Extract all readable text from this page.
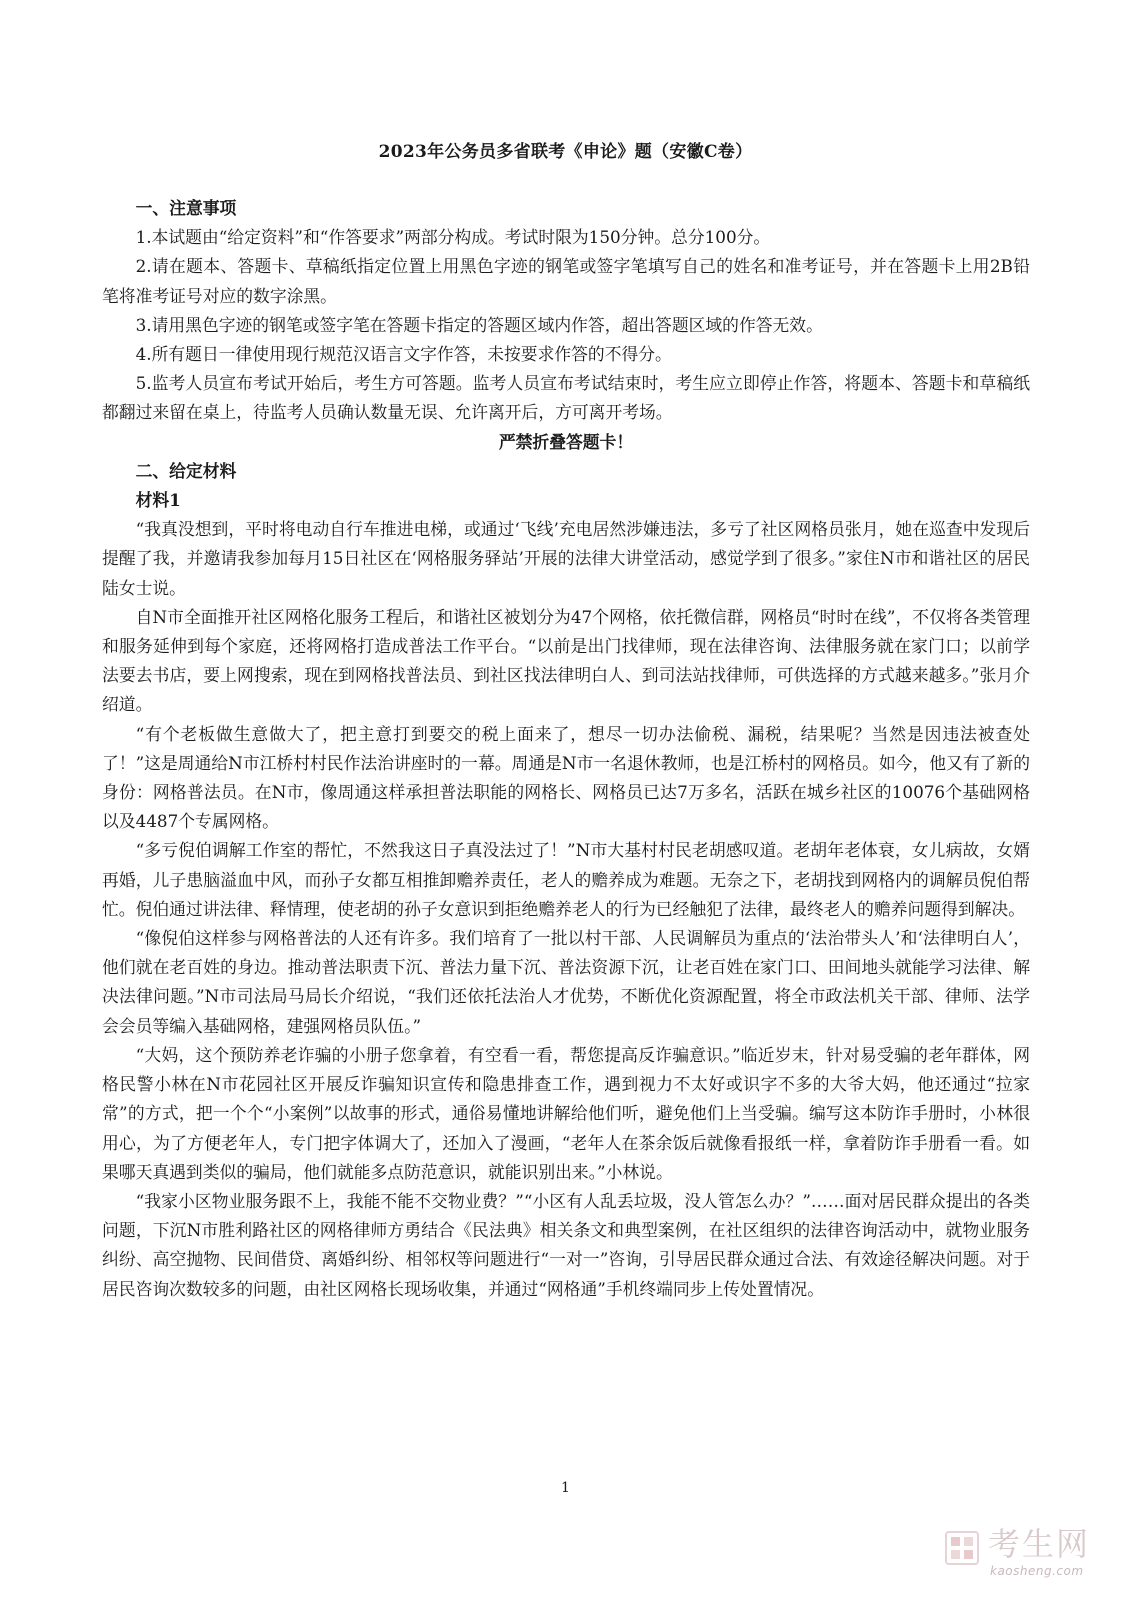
2023年公务员多省联考《申论》题（安徽C卷）

一、注意事项

1.本试题由“给定资料”和“作答要求”两部分构成。考试时限为150分钟。总分100分。

2.请在题本、答题卡、草稿纸指定位置上用黑色字迹的钢笔或签字笔填写自己的姓名和准考证号，并在答题卡上用2B铅笔将准考证号对应的数字涂黑。

3.请用黑色字迹的钢笔或签字笔在答题卡指定的答题区域内作答，超出答题区域的作答无效。

4.所有题日一律使用现行规范汉语言文字作答，未按要求作答的不得分。

5.监考人员宣布考试开始后，考生方可答题。监考人员宣布考试结束时，考生应立即停止作答，将题本、答题卡和草稿纸都翻过来留在桌上，待监考人员确认数量无误、允许离开后，方可离开考场。

严禁折叠答题卡！

二、给定材料

材料1

“我真没想到，平时将电动自行车推进电梯，或通过‘飞线’充电居然涉嫌违法，多亏了社区网格员张月，她在巡查中发现后提醒了我，并邀请我参加每月15日社区在‘网格服务驿站’开展的法律大讲堂活动，感觉学到了很多。”家住N市和谐社区的居民陆女士说。

自N市全面推开社区网格化服务工程后，和谐社区被划分为47个网格，依托微信群，网格员“时时在线”，不仅将各类管理和服务延伸到每个家庭，还将网格打造成普法工作平台。“以前是出门找律师，现在法律咨询、法律服务就在家门口；以前学法要去书店，要上网搜索，现在到网格找普法员、到社区找法律明白人、到司法站找律师，可供选择的方式越来越多。”张月介绍道。

“有个老板做生意做大了，把主意打到要交的税上面来了，想尽一切办法偷税、漏税，结果呢？当然是因违法被查处了！”这是周通给N市江桥村村民作法治讲座时的一幕。周通是N市一名退休教师，也是江桥村的网格员。如今，他又有了新的身份：网格普法员。在N市，像周通这样承担普法职能的网格长、网格员已达7万多名，活跃在城乡社区的10076个基础网格以及4487个专属网格。

“多亏倪伯调解工作室的帮忙，不然我这日子真没法过了！”N市大基村村民老胡感叹道。老胡年老体衰，女儿病故，女婿再婚，儿子患脑溢血中风，而孙子女都互相推卸赡养责任，老人的赡养成为难题。无奈之下，老胡找到网格内的调解员倪伯帮忙。倪伯通过讲法律、释情理，使老胡的孙子女意识到拒绝赡养老人的行为已经触犯了法律，最终老人的赡养问题得到解决。

“像倪伯这样参与网格普法的人还有许多。我们培育了一批以村干部、人民调解员为重点的‘法治带头人’和‘法律明白人’，他们就在老百姓的身边。推动普法职责下沉、普法力量下沉、普法资源下沉，让老百姓在家门口、田间地头就能学习法律、解决法律问题。”N市司法局马局长介绍说，“我们还依托法治人才优势，不断优化资源配置，将全市政法机关干部、律师、法学会会员等编入基础网格，建强网格员队伍。”

“大妈，这个预防养老诈骗的小册子您拿着，有空看一看，帮您提高反诈骗意识。”临近岁末，针对易受骗的老年群体，网格民警小林在N市花园社区开展反诈骗知识宣传和隐患排查工作，遇到视力不太好或识字不多的大爷大妈，他还通过“拉家常”的方式，把一个个“小案例”以故事的形式，通俗易懂地讲解给他们听，避免他们上当受骗。编写这本防诈手册时，小林很用心，为了方便老年人，专门把字体调大了，还加入了漫画，“老年人在茶余饭后就像看报纸一样，拿着防诈手册看一看。如果哪天真遇到类似的骗局，他们就能多点防范意识，就能识别出来。”小林说。

“我家小区物业服务跟不上，我能不能不交物业费？”“小区有人乱丢垃圾，没人管怎么办？”……面对居民群众提出的各类问题，下沉N市胜利路社区的网格律师方勇结合《民法典》相关条文和典型案例，在社区组织的法律咨询活动中，就物业服务纠纷、高空抛物、民间借贷、离婚纠纷、相邻权等问题进行“一对一”咨询，引导居民群众通过合法、有效途径解决问题。对于居民咨询次数较多的问题，由社区网格长现场收集，并通过“网格通”手机终端同步上传处置情况。

1
考生网
kaosheng.com
